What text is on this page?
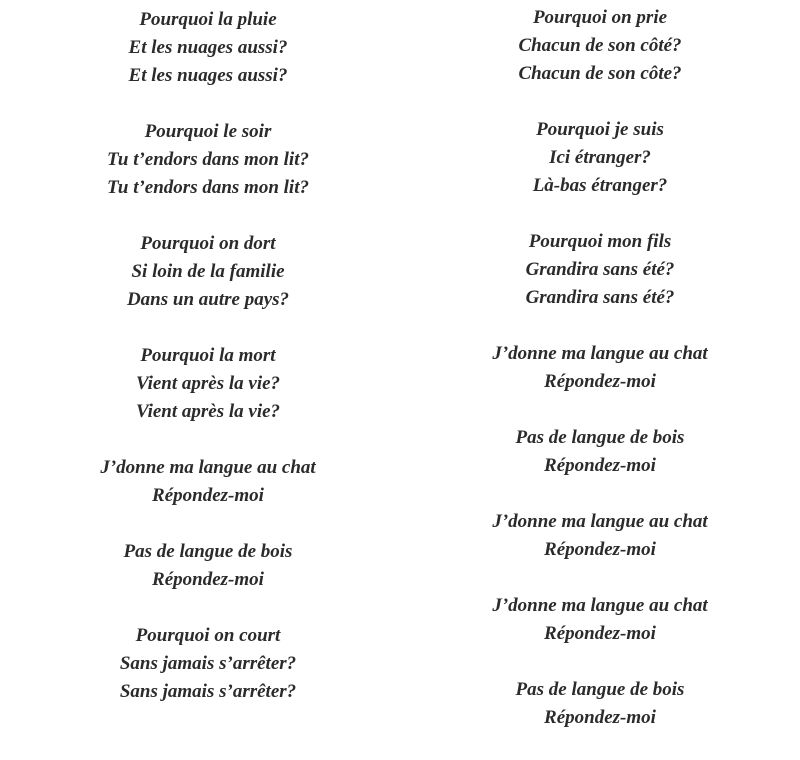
Pourquoi la pluie
Et les nuages aussi?
Et les nuages aussi?
Pourquoi le soir
Tu t’endors dans mon lit?
Tu t’endors dans mon lit?
Pourquoi on dort
Si loin de la familie
Dans un autre pays?
Pourquoi la mort
Vient après la vie?
Vient après la vie?
J’donne ma langue au chat
Répondez-moi
Pas de langue de bois
Répondez-moi
Pourquoi on court
Sans jamais s’arrêter?
Sans jamais s’arrêter?
Pourquoi on prie
Chacun de son côté?
Chacun de son côte?
Pourquoi je suis
Ici étranger?
Là-bas étranger?
Pourquoi mon fils
Grandira sans été?
Grandira sans été?
J’donne ma langue au chat
Répondez-moi
Pas de langue de bois
Répondez-moi
J’donne ma langue au chat
Répondez-moi
J’donne ma langue au chat
Répondez-moi
Pas de langue de bois
Répondez-moi
